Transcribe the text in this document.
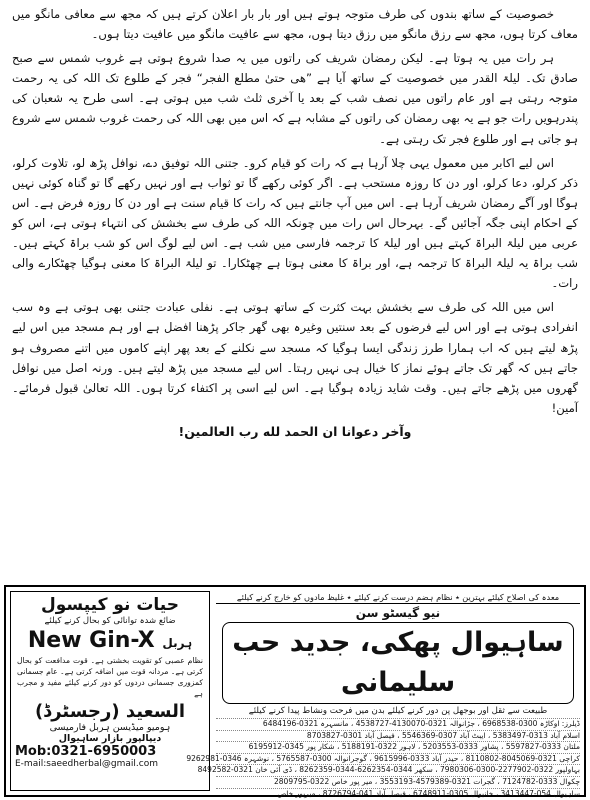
خصوصیت کے ساتھ بندوں کی طرف متوجہ ہوتے ہیں اور بار بار اعلان کرتے ہیں کہ مجھ سے معافی مانگو میں معاف کرتا ہوں، مجھ سے رزق مانگو میں رزق دیتا ہوں، مجھ سے عافیت مانگو میں عافیت دیتا ہوں۔

ہر رات میں یہ ہوتا ہے۔ لیکن رمضان شریف کی راتوں میں یہ صدا شروع ہوتی ہے غروب شمس سے صبح صادق تک۔ لیلۃ القدر میں خصوصیت کے ساتھ آیا ہے ”ھی حتیٰ مطلع الفجر“ فجر کے طلوع تک اللہ کی یہ رحمت متوجہ رہتی ہے اور عام راتوں میں نصف شب کے بعد یا آخری ثلث شب میں ہوتی ہے۔ اسی طرح یہ شعبان کی پندرہویں رات جو ہے یہ بھی رمضان کی راتوں کے مشابہ ہے کہ اس میں بھی اللہ کی رحمت غروب شمس سے شروع ہو جاتی ہے اور طلوع فجر تک رہتی ہے۔

اس لیے اکابر میں معمول یہی چلا آرہا ہے کہ رات کو قیام کرو۔ جتنی اللہ توفیق دے، نوافل پڑھ لو، تلاوت کرلو، ذکر کرلو، دعا کرلو، اور دن کا روزہ مستحب ہے۔ اگر کوئی رکھے گا تو ثواب ہے اور نہیں رکھے گا تو گناہ کوئی نہیں ہوگا اور آگے رمضان شریف آرہا ہے۔ اس میں آپ جانتے ہیں کہ رات کا قیام سنت ہے اور دن کا روزہ فرض ہے۔ اس کے احکام اپنی جگہ آجائیں گے۔ بہرحال اس رات میں چونکہ اللہ کی طرف سے بخشش کی انتہاء ہوتی ہے، اس کو عربی میں لیلۃ البراۃ کہتے ہیں اور لیلۃ کا ترجمہ فارسی میں شب ہے۔ اس لیے لوگ اس کو شب براۃ کہتے ہیں۔ شب براۃ یہ لیلۃ البراۃ کا ترجمہ ہے، اور براۃ کا معنی ہوتا ہے چھٹکارا۔ تو لیلۃ البراۃ کا معنی ہوگیا چھٹکارے والی رات۔

اس میں اللہ کی طرف سے بخشش بہت کثرت کے ساتھ ہوتی ہے۔ نفلی عبادت جتنی بھی ہوتی ہے وہ سب انفرادی ہوتی ہے اور اس لیے فرضوں کے بعد سنتیں وغیرہ بھی گھر جاکر پڑھنا افضل ہے اور ہم مسجد میں اس لیے پڑھ لیتے ہیں کہ اب ہمارا طرز زندگی ایسا ہوگیا کہ مسجد سے نکلنے کے بعد پھر اپنے کاموں میں اتنے مصروف ہو جاتے ہیں کہ گھر تک جاتے ہوئے نماز کا خیال ہی نہیں رہتا۔ اس لیے مسجد میں پڑھ لیتے ہیں۔ ورنہ اصل میں نوافل گھروں میں پڑھے جاتے ہیں۔ وقت شاید زیادہ ہوگیا ہے۔ اس لیے اسی پر اکتفاء کرتا ہوں۔ اللہ تعالیٰ قبول فرمائے۔ آمین!

وآخر دعوانا ان الحمد لله رب العالمین!
حیات نو کیپسول
ضائع شدہ توانائی کو بحال کرنے کیلئے
New Gin-X ہربل
نظام عصبی کو تقویت بخشتی ہے۔ قوت مدافعت کو بحال کرتی ہے۔ مردانہ قوت میں اضافہ کرتی ہے۔ عام جسمانی کمزوری جسمانی دردوں کو دور کرنے کیلئے مفید و مجرب ہے
السعید (رجسٹرڈ)
ہومیو میڈیسن ہربل فارمیسی
دیپالپور بازار ساہیوال
Mob:0321-6950003
E-mail:saeedherbal@gmail.com
معدہ کی اصلاح کیلئے بہترین ٭ نظام ہضم درست کرنے کیلئے ٭ غلیظ مادوں کو خارج کرنے کیلئے
نیو گیسٹو سن
ساہیوال پھکی، جدید حب سلیمانی
طبیعت سے ثقل اور بوجھل پن دور کرنے کیلئے بدن میں فرحت ونشاط پیدا کرنے کیلئے
ڈیلرز: اوکاڑہ 0300-6968538 ، جڑانوالہ 0321-4130070-4538727 ، مانسہرہ 0321-6484196
اسلام آباد 0313-5383497 ، ایبٹ آباد 0307-5546369 ، فیصل آباد 0301-8703827
ملتان 0333-5597827 ، پشاور 0333-5203553 ، لاہور 0322-5188191 ، شکار پور 0345-6195912
کراچی 0321-8045069-8110802 ، حیدر آباد 0333-9615996 ، گوجرانوالہ 0300-5765587 ، نوشہرہ 0346-9262981
بہاولپور 0322-2277902-0300-7980306 ، سکھر 0344-6262354-0344-8262359 ، ڈی آئی خان 0321-8492582
چکوال 0333-7124782 ، گجرات 0321-4579389-3553193 ، میر پور خاص 0322-2809795
ساہیوال 054-3413447 ، خانیوال 0305-6748911 ، فیصل آباد 041-8726794 ، میرپور خاص
